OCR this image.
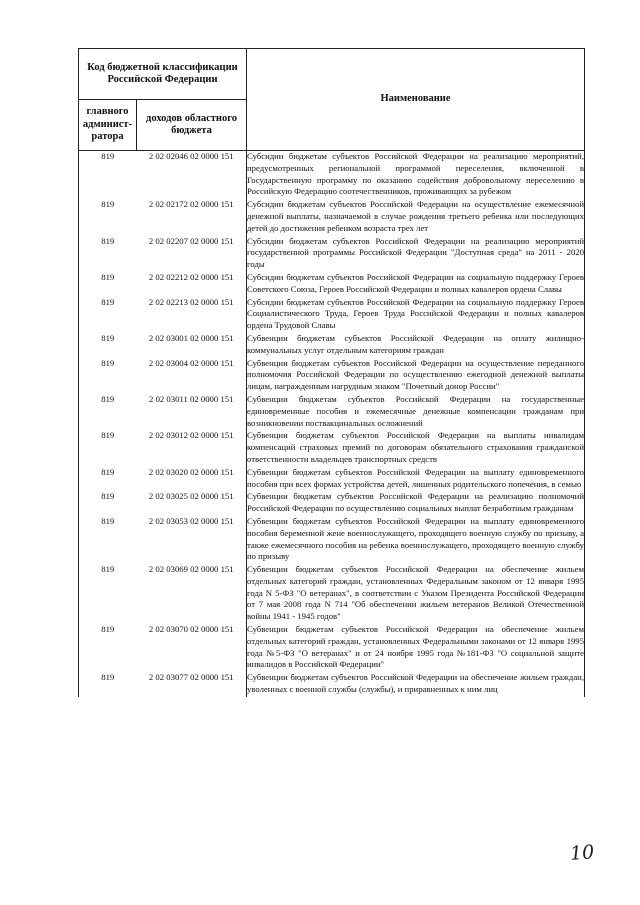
Код бюджетной классификации Российской Федерации		Наименование
главного админист-ратора	доходов областного бюджета	
819	2 02 02046 02 0000 151	Субсидии бюджетам субъектов Российской Федерации на реализацию мероприятий, предусмотренных региональной программой переселения, включенной в Государственную программу по оказанию содействия добровольному переселению в Российскую Федерацию соотечественников, проживающих за рубежом
819	2 02 02172 02 0000 151	Субсидии бюджетам субъектов Российской Федерации на осуществление ежемесячной денежной выплаты, назначаемой в случае рождения третьего ребенка или последующих детей до достижения ребенком возраста трех лет
819	2 02 02207 02 0000 151	Субсидии бюджетам субъектов Российской Федерации на реализацию мероприятий государственной программы Российской Федерации "Доступная среда" на 2011 - 2020 годы
819	2 02 02212 02 0000 151	Субсидии бюджетам субъектов Российской Федерации на социальную поддержку Героев Советского Союза, Героев Российской Федерации и полных кавалеров ордена Славы
819	2 02 02213 02 0000 151	Субсидии бюджетам субъектов Российской Федерации на социальную поддержку Героев Социалистического Труда, Героев Труда Российской Федерации и полных кавалеров ордена Трудовой Славы
819	2 02 03001 02 0000 151	Субвенции бюджетам субъектов Российской Федерации на оплату жилищно-коммунальных услуг отдельным категориям граждан
819	2 02 03004 02 0000 151	Субвенции бюджетам субъектов Российской Федерации на осуществление переданного полномочия Российской Федерации по осуществлению ежегодной денежной выплаты лицам, награжденным нагрудным знаком "Почетный донор России"
819	2 02 03011 02 0000 151	Субвенции бюджетам субъектов Российской Федерации на государственные единовременные пособия и ежемесячные денежные компенсации гражданам при возникновении поствакцинальных осложнений
819	2 02 03012 02 0000 151	Субвенции бюджетам субъектов Российской Федерации на выплаты инвалидам компенсаций страховых премий по договорам обязательного страхования гражданской ответственности владельцев транспортных средств
819	2 02 03020 02 0000 151	Субвенции бюджетам субъектов Российской Федерации на выплату единовременного пособия при всех формах устройства детей, лишенных родительского попечения, в семью
819	2 02 03025 02 0000 151	Субвенции бюджетам субъектов Российской Федерации на реализацию полномочий Российской Федерации по осуществлению социальных выплат безработным гражданам
819	2 02 03053 02 0000 151	Субвенции бюджетам субъектов Российской Федерации на выплату единовременного пособия беременной жене военнослужащего, проходящего военную службу по призыву, а также ежемесячного пособия на ребенка военнослужащего, проходящего военную службу по призыву
819	2 02 03069 02 0000 151	Субвенции бюджетам субъектов Российской Федерации на обеспечение жильем отдельных категорий граждан, установленных Федеральным законом от 12 января 1995 года N 5-ФЗ "О ветеранах", в соответствии с Указом Президента Российской Федерации от 7 мая 2008 года N 714 "Об обеспечении жильем ветеранов Великой Отечественной войны 1941 - 1945 годов"
819	2 02 03070 02 0000 151	Субвенции бюджетам субъектов Российской Федерации на обеспечение жильем отдельных категорий граждан, установленных Федеральными законами от 12 января 1995 года №5-ФЗ "О ветеранах" и от 24 ноября 1995 года №181-ФЗ "О социальной защите инвалидов в Российской Федерации"
819	2 02 03077 02 0000 151	Субвенции бюджетам субъектов Российской Федерации на обеспечение жильем граждан, уволенных с военной службы (службы), и приравненных к ним лиц
10
